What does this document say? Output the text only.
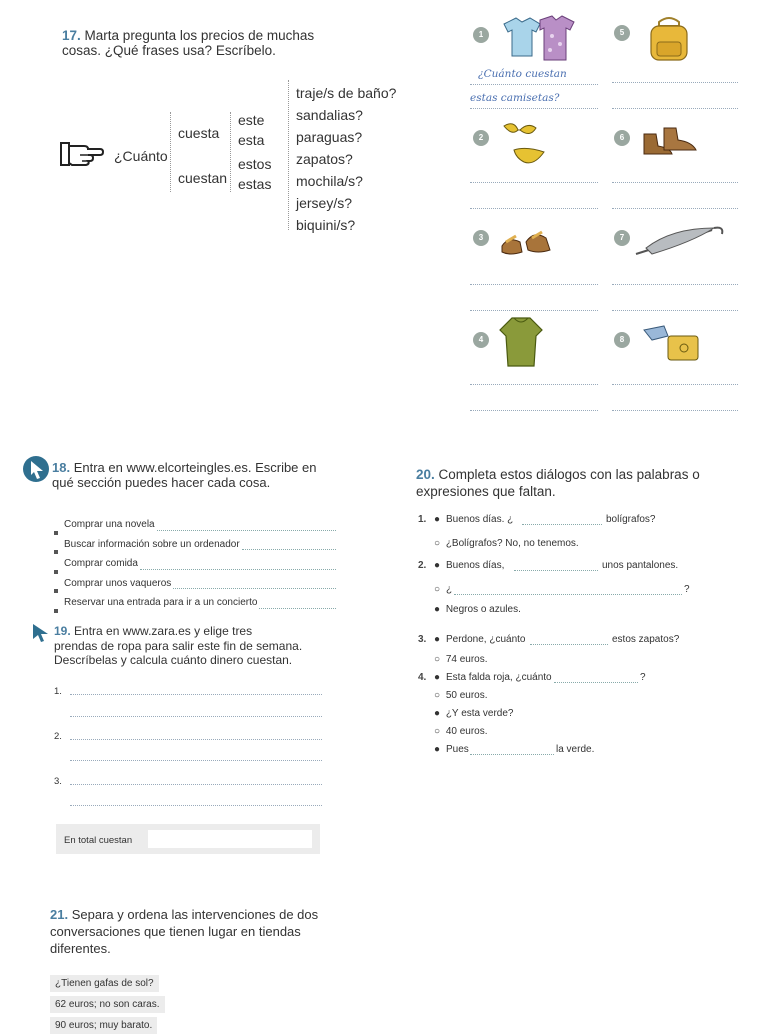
17. Marta pregunta los precios de muchas
cosas. ¿Qué frases usa? Escríbelo.
¿Cuánto
cuesta
cuestan
este
esta
estos
estas
traje/s de baño?
sandalias?
paraguas?
zapatos?
mochila/s?
jersey/s?
biquini/s?
1
¿Cuánto cuestan
estas camisetas?
5
2	6
3	7
4	8
18. Entra en www.elcorteingles.es. Escribe en
qué sección puedes hacer cada cosa.
Comprar una novela
Buscar información sobre un ordenador
Comprar comida
Comprar unos vaqueros
Reservar una entrada para ir a un concierto
19. Entra en www.zara.es y elige tres
prendas de ropa para salir este fin de semana.
Descríbelas y calcula cuánto dinero cuestan.
1.
2.
3.
En total cuestan
20. Completa estos diálogos con las palabras o
expresiones que faltan.
1. ● Buenos días. ¿	bolígrafos?
○ ¿Bolígrafos? No, no tenemos.
2. ● Buenos días,	unos pantalones.
○ ¿	?
● Negros o azules.
3. ● Perdone, ¿cuánto	estos zapatos?
○ 74 euros.
4. ● Esta falda roja, ¿cuánto	?
○ 50 euros.
● ¿Y esta verde?
○ 40 euros.
● Pues	la verde.
21. Separa y ordena las intervenciones de dos
conversaciones que tienen lugar en tiendas
diferentes.
¿Tienen gafas de sol?
62 euros; no son caras.
90 euros; muy barato.
